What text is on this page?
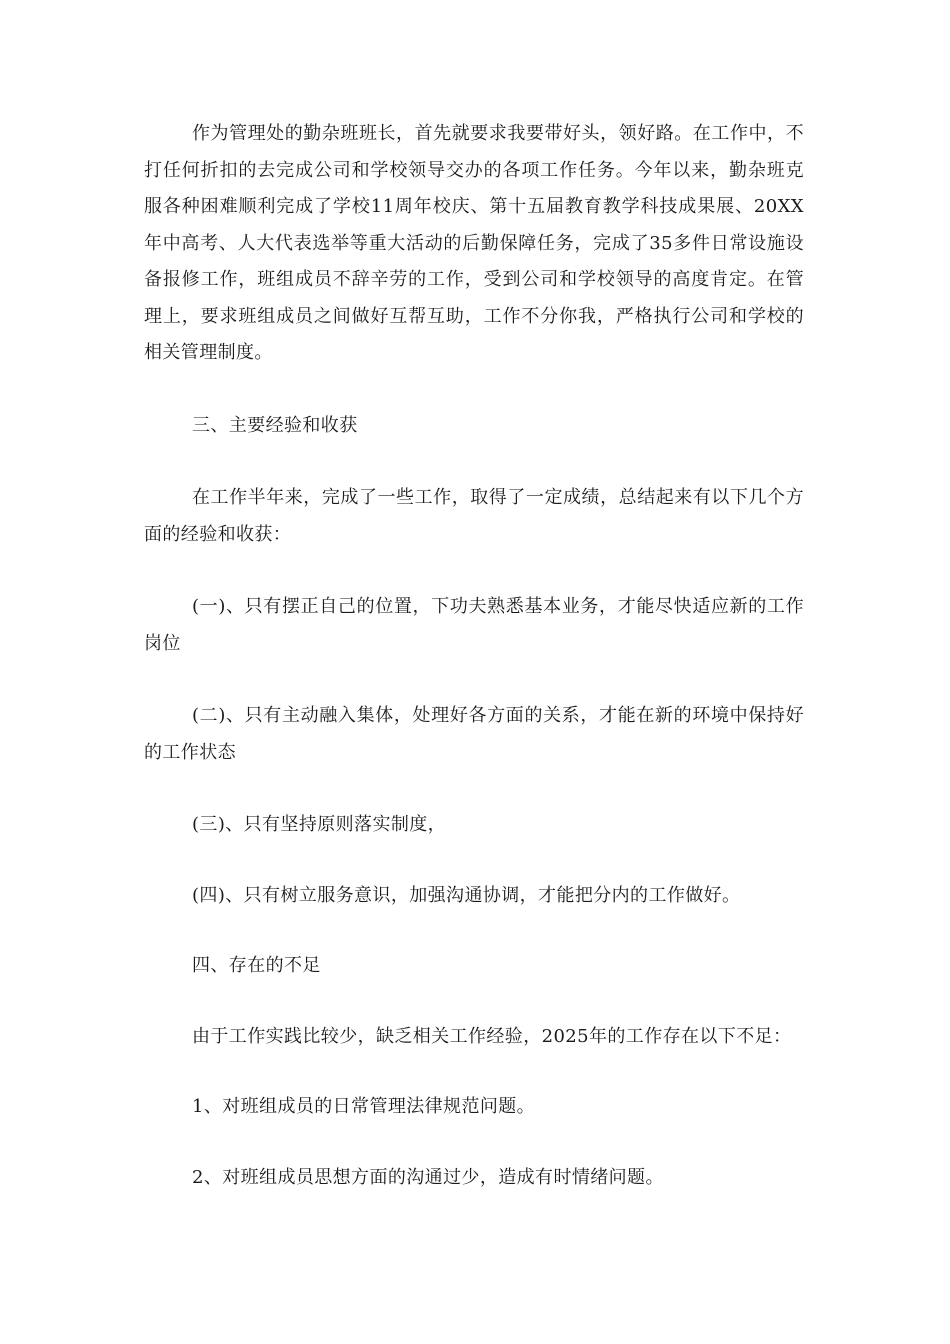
作为管理处的勤杂班班长，首先就要求我要带好头，领好路。在工作中，不打任何折扣的去完成公司和学校领导交办的各项工作任务。今年以来，勤杂班克服各种困难顺利完成了学校11周年校庆、第十五届教育教学科技成果展、20XX年中高考、人大代表选举等重大活动的后勤保障任务，完成了35多件日常设施设备报修工作，班组成员不辞辛劳的工作，受到公司和学校领导的高度肯定。在管理上，要求班组成员之间做好互帮互助，工作不分你我，严格执行公司和学校的相关管理制度。

三、主要经验和收获

在工作半年来，完成了一些工作，取得了一定成绩，总结起来有以下几个方面的经验和收获：

(一)、只有摆正自己的位置，下功夫熟悉基本业务，才能尽快适应新的工作岗位

(二)、只有主动融入集体，处理好各方面的关系，才能在新的环境中保持好的工作状态

(三)、只有坚持原则落实制度，

(四)、只有树立服务意识，加强沟通协调，才能把分内的工作做好。

四、存在的不足

由于工作实践比较少，缺乏相关工作经验，2025年的工作存在以下不足：

1、对班组成员的日常管理法律规范问题。

2、对班组成员思想方面的沟通过少，造成有时情绪问题。
